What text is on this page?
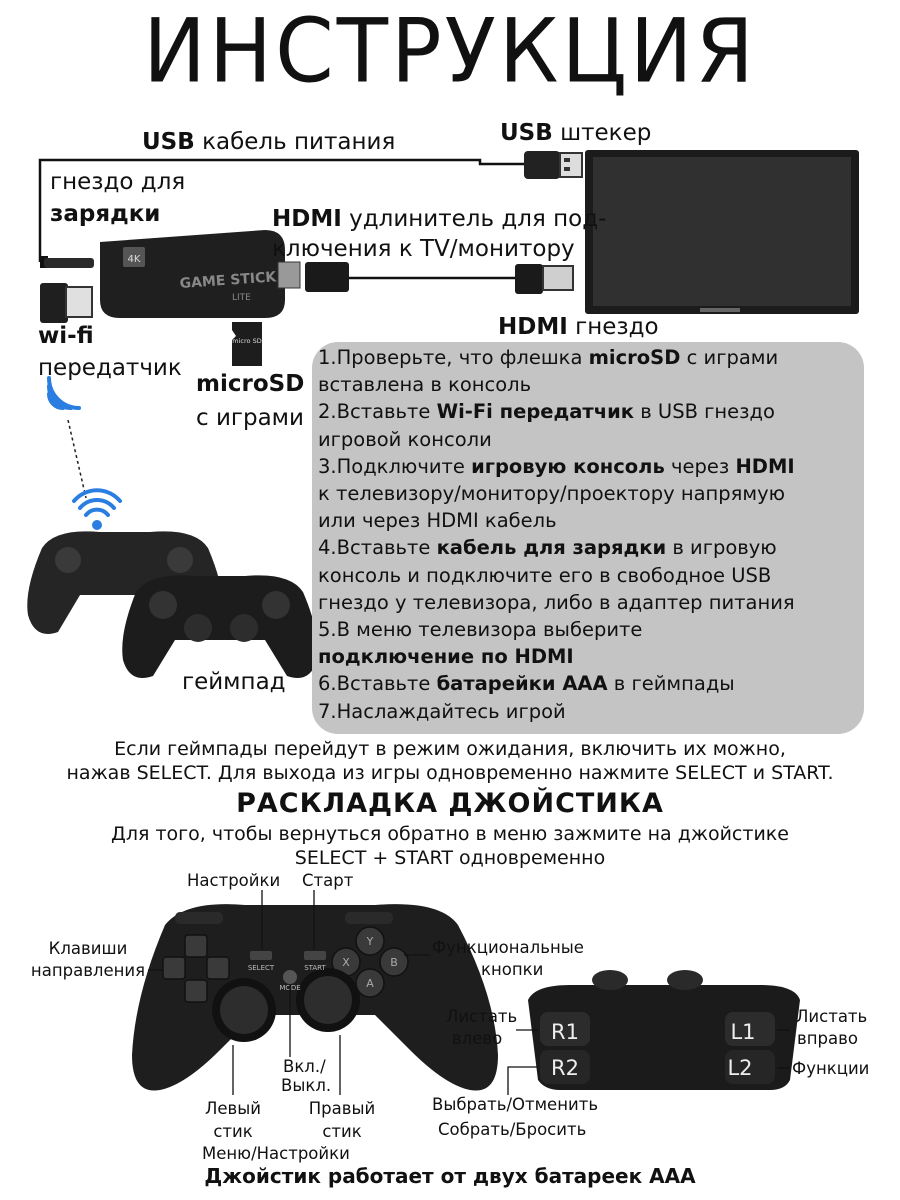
ИНСТРУКЦИЯ
4K
GAME STICK
LITE
micro SD
SELECT	START
MODE
Y
X	B
A
R1
R2
L1
L2
USB кабель питания	USB штекер
гнездо для
зарядки	HDMI удлинитель для под-
ключения к TV/монитору
HDMI гнездо
wi-fi
передатчик
microSD
с играми
геймпад
1.Проверьте, что флешка microSD с играми
вставлена в консоль
2.Вставьте Wi-Fi передатчик в USB гнездо
игровой консоли
3.Подключите игровую консоль через HDMI
к телевизору/монитору/проектору напрямую
или через HDMI кабель
4.Вставьте кабель для зарядки в игровую
консоль и подключите его в свободное USB
гнездо у телевизора, либо в адаптер питания
5.В меню телевизора выберите
подключение по HDMI
6.Вставьте батарейки ААА в геймпады
7.Наслаждайтесь игрой
Если геймпады перейдут в режим ожидания, включить их можно,
нажав SELECT. Для выхода из игры одновременно нажмите SELECT и START.
РАСКЛАДКА ДЖОЙСТИКА
Для того, чтобы вернуться обратно в меню зажмите на джойстике
SELECT + START одновременно
Настройки Старт
Клавиши
направления
Функциональные
кнопки
Вкл./
Выкл.
Левый
стик
Правый
стик
Меню/Настройки
Листать
влево
Листать
вправо
Функции
Выбрать/Отменить
Собрать/Бросить
Джойстик работает от двух батареек ААА
